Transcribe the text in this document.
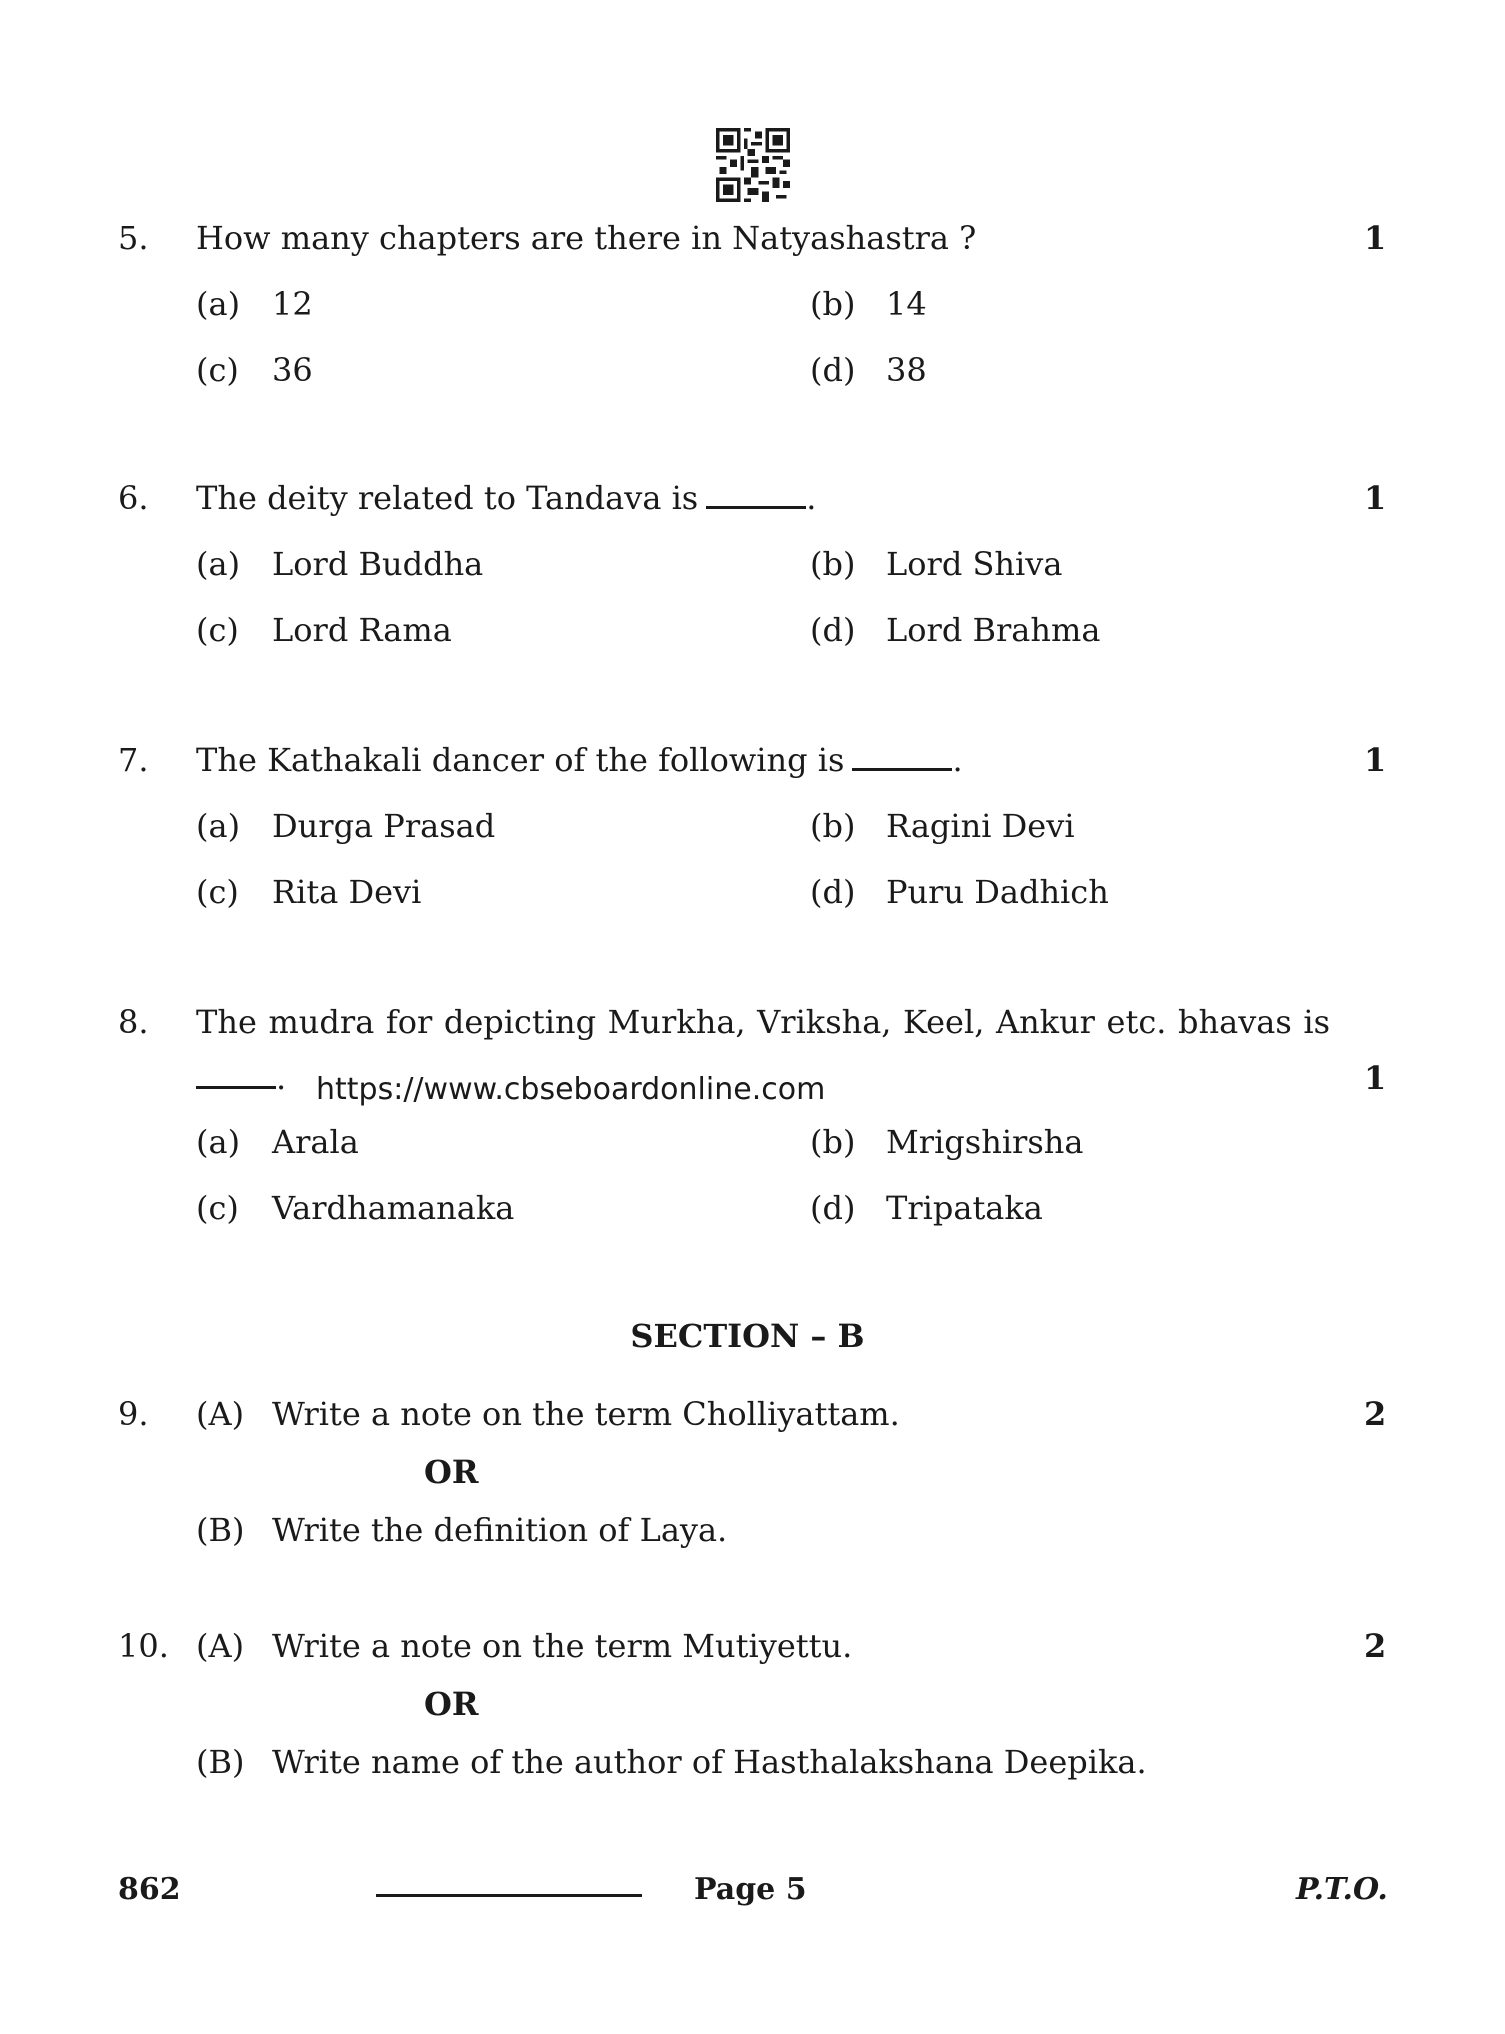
5. How many chapters are there in Natyashastra ?	1
(a) 12	(b) 14
(c) 36	(d) 38
6. The deity related to Tandava is	.	1
(a) Lord Buddha	(b) Lord Shiva
(c) Lord Rama	(d) Lord Brahma
7. The Kathakali dancer of the following is	.	1
(a) Durga Prasad	(b) Ragini Devi
(c) Rita Devi	(d) Puru Dadhich
8. The mudra for depicting Murkha, Vriksha, Keel, Ankur etc. bhavas is
. https://www.cbseboardonline.com	1
(a) Arala	(b) Mrigshirsha
(c) Vardhamanaka	(d) Tripataka
SECTION – B
9. (A) Write a note on the term Cholliyattam.	2
OR
(B) Write the definition of Laya.
10. (A) Write a note on the term Mutiyettu.	2
OR
(B) Write name of the author of Hasthalakshana Deepika.
862	Page 5	P.T.O.
